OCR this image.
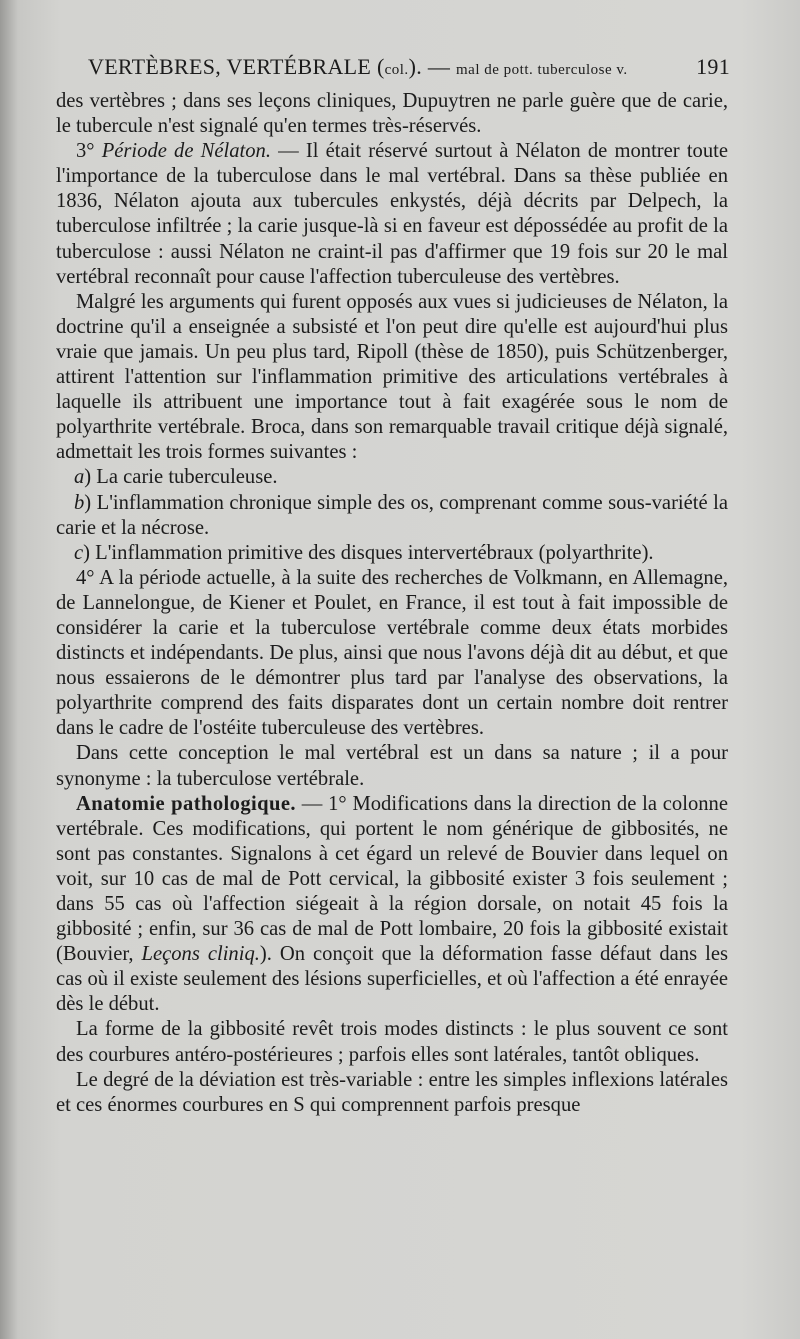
VERTÈBRES, VERTÉBRALE (col.). — mal de pott. tuberculose v.	191

des vertèbres ; dans ses leçons cliniques, Dupuytren ne parle guère que de carie, le tubercule n'est signalé qu'en termes très-réservés.

3° Période de Nélaton. — Il était réservé surtout à Nélaton de montrer toute l'importance de la tuberculose dans le mal vertébral. Dans sa thèse publiée en 1836, Nélaton ajouta aux tubercules enkystés, déjà décrits par Delpech, la tuberculose infiltrée ; la carie jusque-là si en faveur est dépossédée au profit de la tuberculose : aussi Nélaton ne craint-il pas d'affirmer que 19 fois sur 20 le mal vertébral reconnaît pour cause l'affection tuberculeuse des vertèbres.

Malgré les arguments qui furent opposés aux vues si judicieuses de Nélaton, la doctrine qu'il a enseignée a subsisté et l'on peut dire qu'elle est aujourd'hui plus vraie que jamais. Un peu plus tard, Ripoll (thèse de 1850), puis Schützenberger, attirent l'attention sur l'inflammation primitive des articulations vertébrales à laquelle ils attribuent une importance tout à fait exagérée sous le nom de polyarthrite vertébrale. Broca, dans son remarquable travail critique déjà signalé, admettait les trois formes suivantes :

a) La carie tuberculeuse.

b) L'inflammation chronique simple des os, comprenant comme sous-variété la carie et la nécrose.

c) L'inflammation primitive des disques intervertébraux (polyarthrite).

4° A la période actuelle, à la suite des recherches de Volkmann, en Allemagne, de Lannelongue, de Kiener et Poulet, en France, il est tout à fait impossible de considérer la carie et la tuberculose vertébrale comme deux états morbides distincts et indépendants. De plus, ainsi que nous l'avons déjà dit au début, et que nous essaierons de le démontrer plus tard par l'analyse des observations, la polyarthrite comprend des faits disparates dont un certain nombre doit rentrer dans le cadre de l'ostéite tuberculeuse des vertèbres.

Dans cette conception le mal vertébral est un dans sa nature ; il a pour synonyme : la tuberculose vertébrale.

Anatomie pathologique. — 1° Modifications dans la direction de la colonne vertébrale. Ces modifications, qui portent le nom générique de gibbosités, ne sont pas constantes. Signalons à cet égard un relevé de Bouvier dans lequel on voit, sur 10 cas de mal de Pott cervical, la gibbosité exister 3 fois seulement ; dans 55 cas où l'affection siégeait à la région dorsale, on notait 45 fois la gibbosité ; enfin, sur 36 cas de mal de Pott lombaire, 20 fois la gibbosité existait (Bouvier, Leçons cliniq.). On conçoit que la déformation fasse défaut dans les cas où il existe seulement des lésions superficielles, et où l'affection a été enrayée dès le début.

La forme de la gibbosité revêt trois modes distincts : le plus souvent ce sont des courbures antéro-postérieures ; parfois elles sont latérales, tantôt obliques.

Le degré de la déviation est très-variable : entre les simples inflexions latérales et ces énormes courbures en S qui comprennent parfois presque
